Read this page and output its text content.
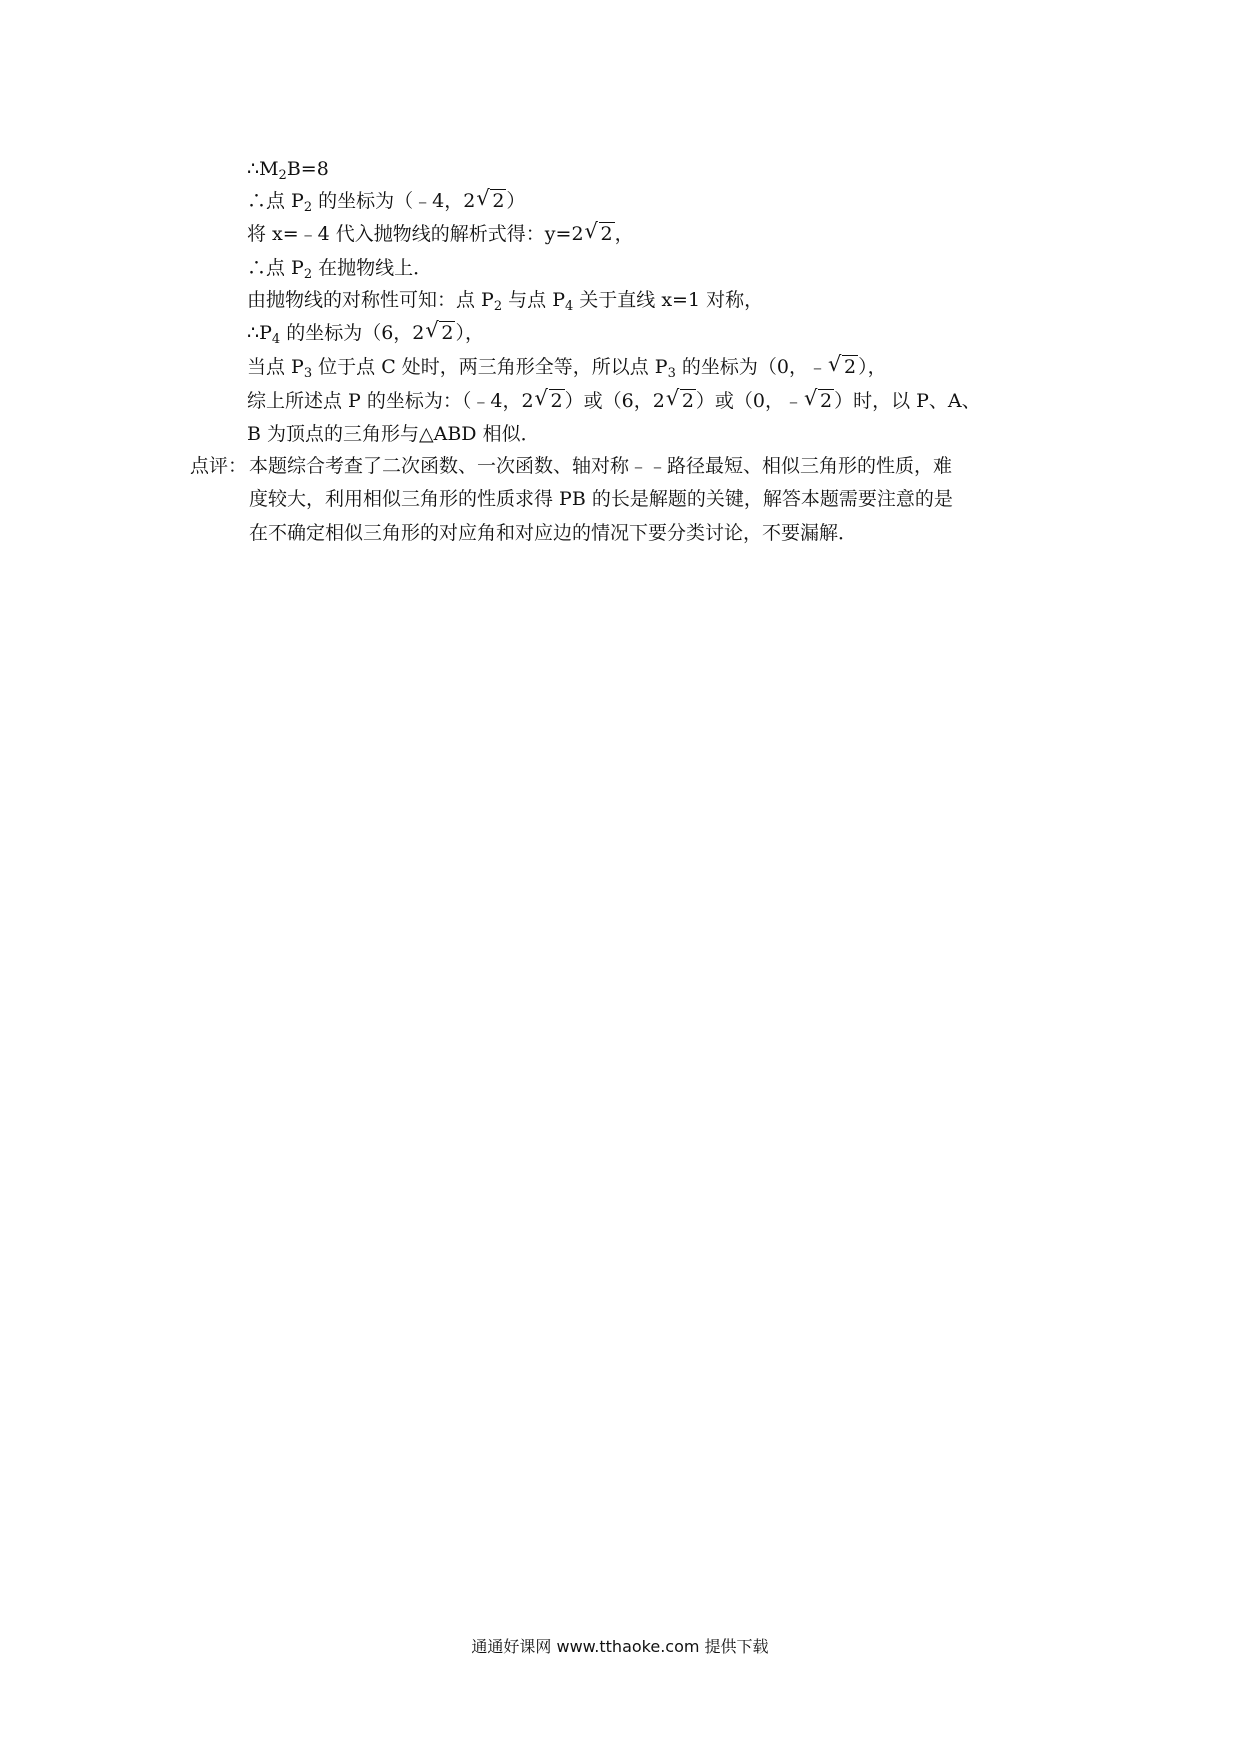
$\therefore M_2B=8$
∴点 $P_2$ 的坐标为（﹣4，2 √ 2 ）
将 x=﹣4 代入抛物线的解析式得：y=2 √ 2 ，
∴点 $P_2$ 在抛物线上．
由抛物线的对称性可知：点 $P_2$ 与点 $P_4$ 关于直线 x=1 对称，
$\therefore P_4$ 的坐标为（6，2 √ 2 ），
当点 $P_3$ 位于点 C 处时，两三角形全等，所以点 $P_3$ 的坐标为（0，﹣ √ 2 ），
综上所述点 P 的坐标为：（﹣4，2 √ 2 ）或（6，2 √ 2 ）或（0，﹣ √ 2 ）时，以 P、A、
B 为顶点的三角形与△ABD 相似．
点评： 本题综合考查了二次函数、一次函数、轴对称﹣﹣路径最短、相似三角形的性质，难
度较大，利用相似三角形的性质求得 PB 的长是解题的关键，解答本题需要注意的是
在不确定相似三角形的对应角和对应边的情况下要分类讨论，不要漏解．
通通好课网 www.tthaoke.com 提供下载
